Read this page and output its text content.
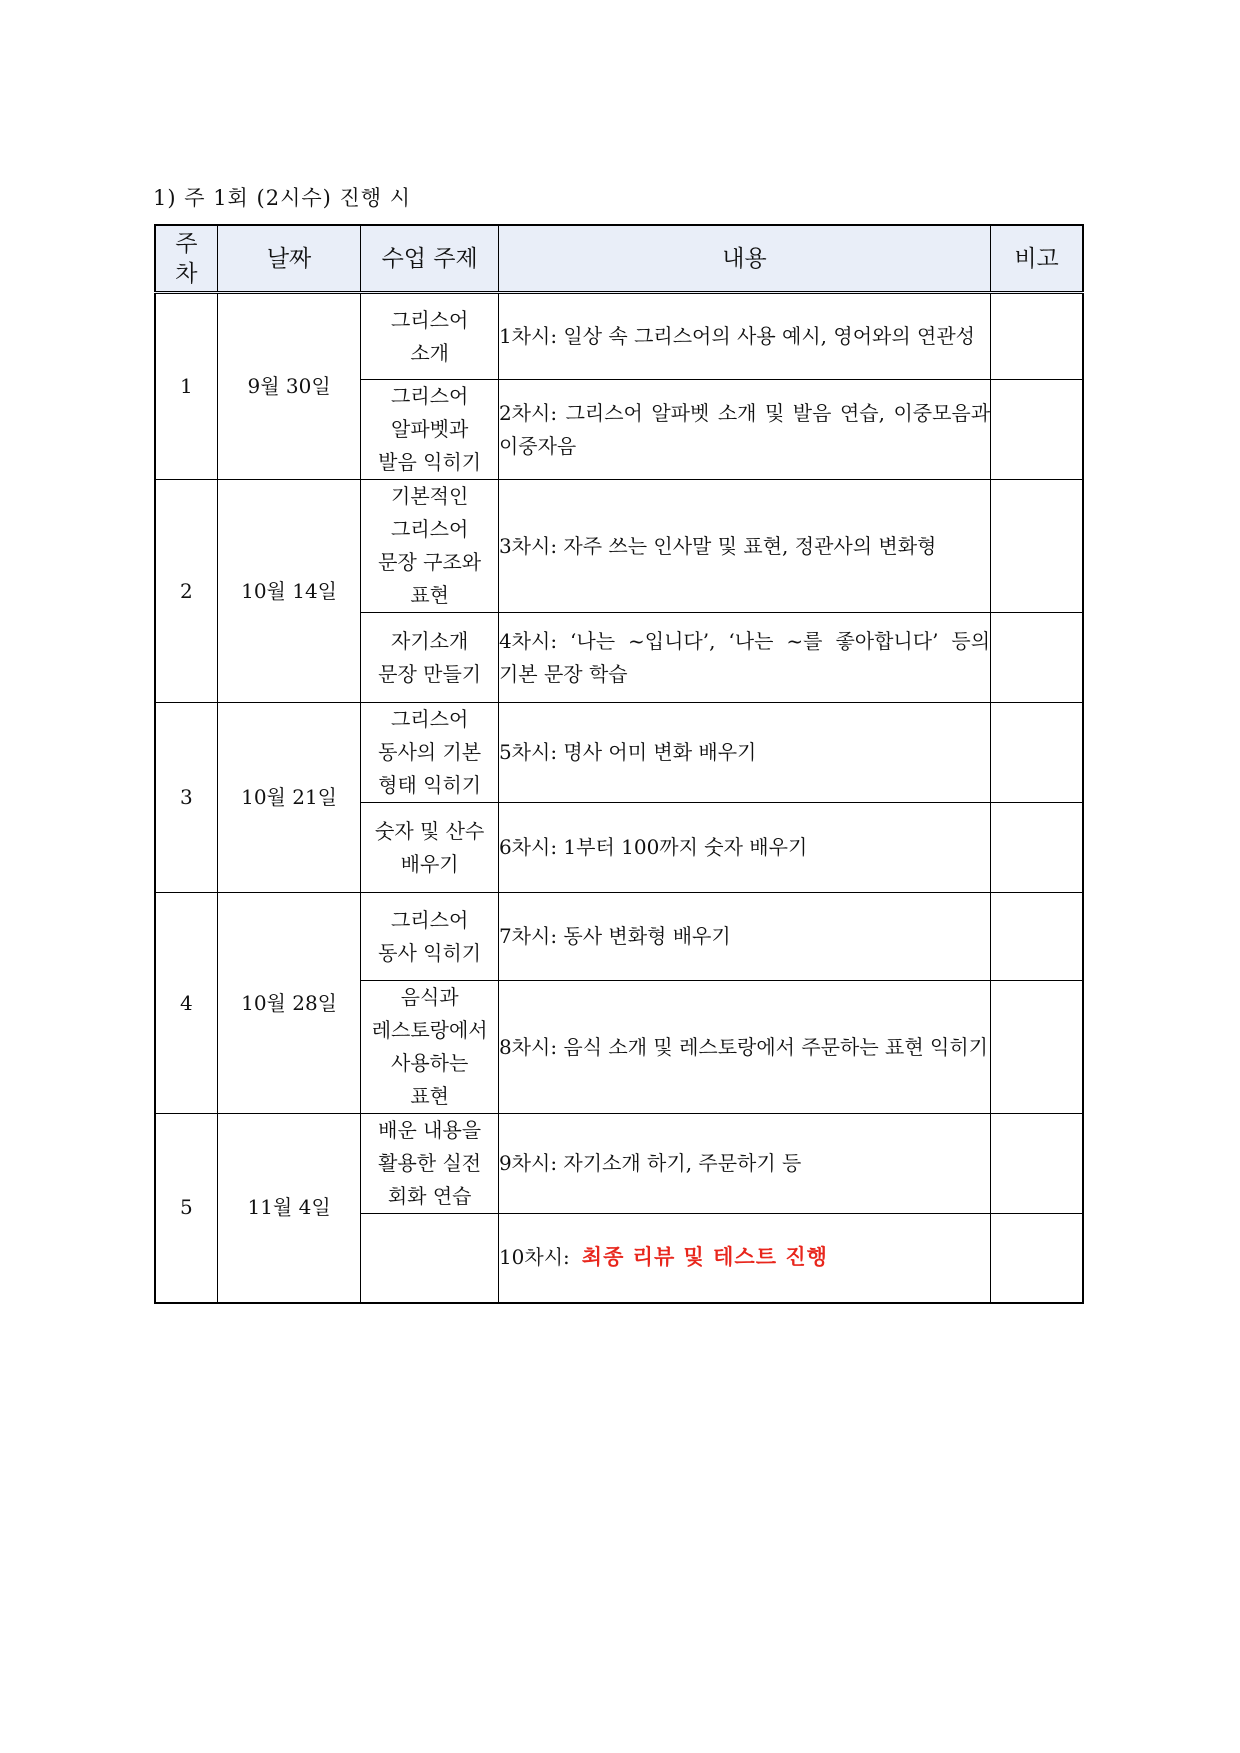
1) 주 1회 (2시수) 진행 시
주
차	날짜	수업 주제	내용	비고

1	9월 30일	그리스어
소개	1차시: 일상 속 그리스어의 사용 예시, 영어와의 연관성	

		그리스어
알파벳과
발음 익히기	2차시: 그리스어 알파벳 소개 및 발음 연습, 이중모음과 이중자음	

2	10월 14일	기본적인
그리스어
문장 구조와
표현	3차시: 자주 쓰는 인사말 및 표현, 정관사의 변화형	

		자기소개
문장 만들기	4차시: ‘나는 ~입니다’, ‘나는 ~를 좋아합니다’ 등의 기본 문장 학습	

3	10월 21일	그리스어
동사의 기본
형태 익히기	5차시: 명사 어미 변화 배우기	

		숫자 및 산수
배우기	6차시: 1부터 100까지 숫자 배우기	

4	10월 28일	그리스어
동사 익히기	7차시: 동사 변화형 배우기	

		음식과
레스토랑에서
사용하는
표현	8차시: 음식 소개 및 레스토랑에서 주문하는 표현 익히기	

5	11월 4일	배운 내용을
활용한 실전
회화 연습	9차시: 자기소개 하기, 주문하기 등	
			10차시: 최종 리뷰 및 테스트 진행	
